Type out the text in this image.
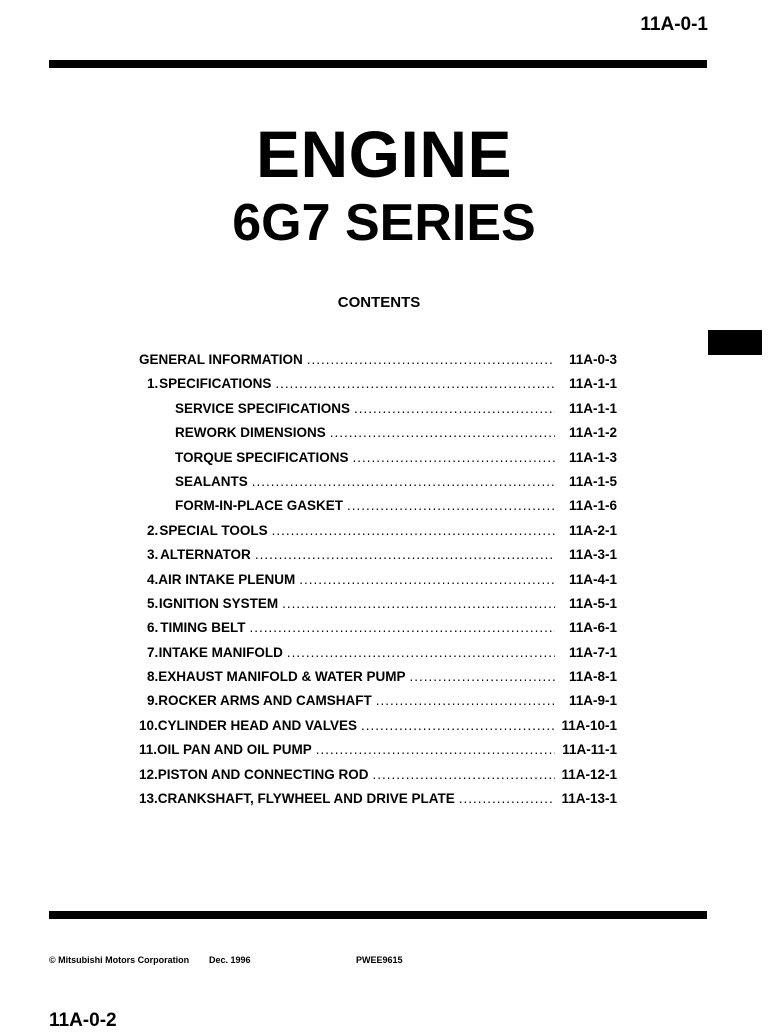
11A-0-1
ENGINE
6G7 SERIES
CONTENTS
GENERAL INFORMATION .....	11A-0-3
1. SPECIFICATIONS .....	11A-1-1
SERVICE SPECIFICATIONS .....	11A-1-1
REWORK DIMENSIONS .....	11A-1-2
TORQUE SPECIFICATIONS .....	11A-1-3
SEALANTS .....	11A-1-5
FORM-IN-PLACE GASKET .....	11A-1-6
2. SPECIAL TOOLS .....	11A-2-1
3. ALTERNATOR .....	11A-3-1
4. AIR INTAKE PLENUM .....	11A-4-1
5. IGNITION SYSTEM .....	11A-5-1
6. TIMING BELT .....	11A-6-1
7. INTAKE MANIFOLD .....	11A-7-1
8. EXHAUST MANIFOLD & WATER PUMP .....	11A-8-1
9. ROCKER ARMS AND CAMSHAFT .....	11A-9-1
10. CYLINDER HEAD AND VALVES .....	11A-10-1
11. OIL PAN AND OIL PUMP .....	11A-11-1
12. PISTON AND CONNECTING ROD .....	11A-12-1
13. CRANKSHAFT, FLYWHEEL AND DRIVE PLATE .....	11A-13-1
© Mitsubishi Motors Corporation Dec. 1996	PWEE9615
11A-0-2
